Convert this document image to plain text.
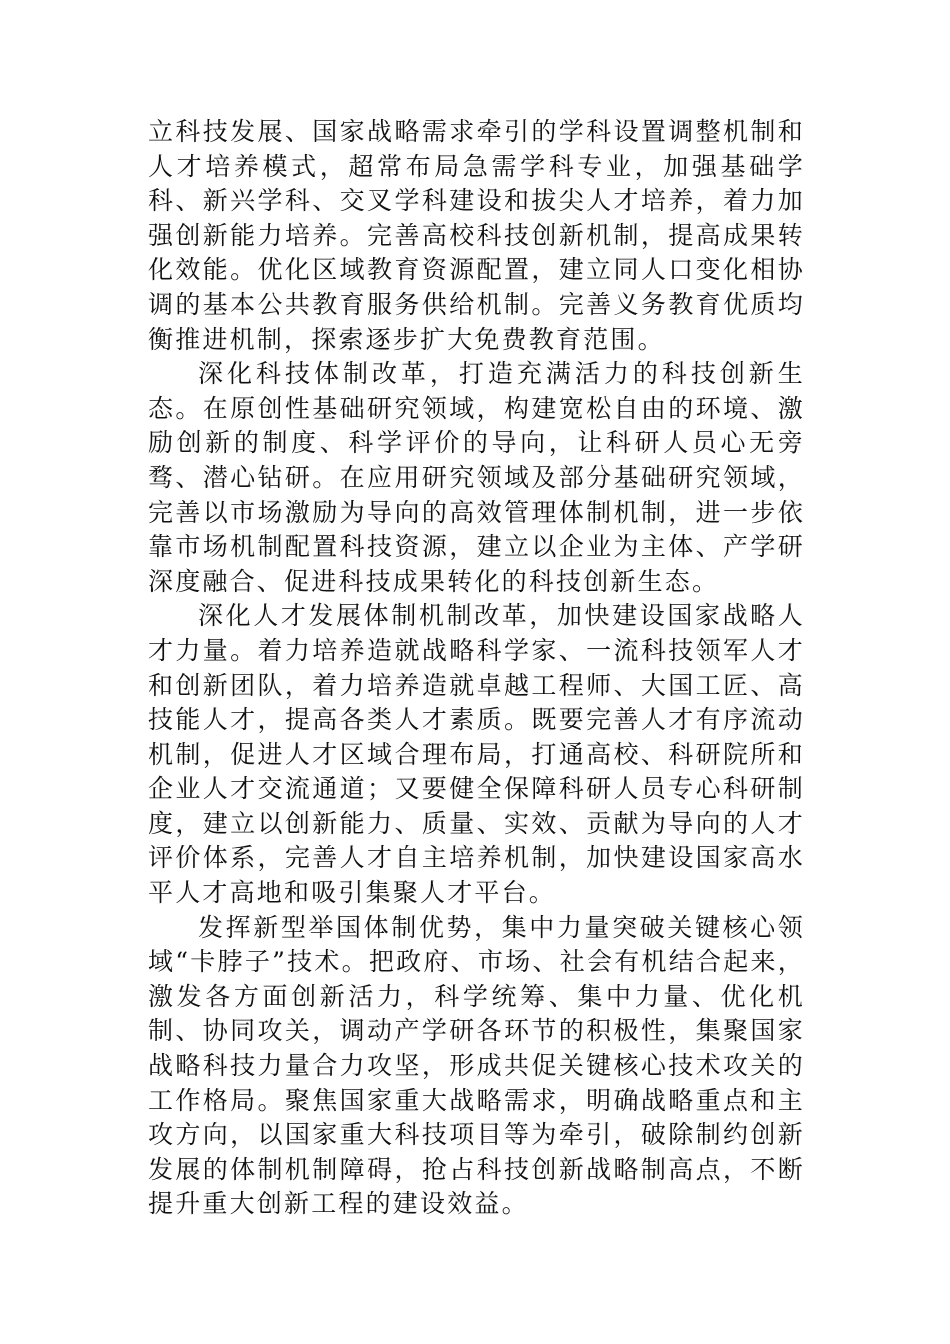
立科技发展、国家战略需求牵引的学科设置调整机制和人才培养模式，超常布局急需学科专业，加强基础学科、新兴学科、交叉学科建设和拔尖人才培养，着力加强创新能力培养。完善高校科技创新机制，提高成果转化效能。优化区域教育资源配置，建立同人口变化相协调的基本公共教育服务供给机制。完善义务教育优质均衡推进机制，探索逐步扩大免费教育范围。

深化科技体制改革，打造充满活力的科技创新生态。在原创性基础研究领域，构建宽松自由的环境、激励创新的制度、科学评价的导向，让科研人员心无旁骛、潜心钻研。在应用研究领域及部分基础研究领域，完善以市场激励为导向的高效管理体制机制，进一步依靠市场机制配置科技资源，建立以企业为主体、产学研深度融合、促进科技成果转化的科技创新生态。

深化人才发展体制机制改革，加快建设国家战略人才力量。着力培养造就战略科学家、一流科技领军人才和创新团队，着力培养造就卓越工程师、大国工匠、高技能人才，提高各类人才素质。既要完善人才有序流动机制，促进人才区域合理布局，打通高校、科研院所和企业人才交流通道；又要健全保障科研人员专心科研制度，建立以创新能力、质量、实效、贡献为导向的人才评价体系，完善人才自主培养机制，加快建设国家高水平人才高地和吸引集聚人才平台。

发挥新型举国体制优势，集中力量突破关键核心领域“卡脖子”技术。把政府、市场、社会有机结合起来，激发各方面创新活力，科学统筹、集中力量、优化机制、协同攻关，调动产学研各环节的积极性，集聚国家战略科技力量合力攻坚，形成共促关键核心技术攻关的工作格局。聚焦国家重大战略需求，明确战略重点和主攻方向，以国家重大科技项目等为牵引，破除制约创新发展的体制机制障碍，抢占科技创新战略制高点，不断提升重大创新工程的建设效益。
